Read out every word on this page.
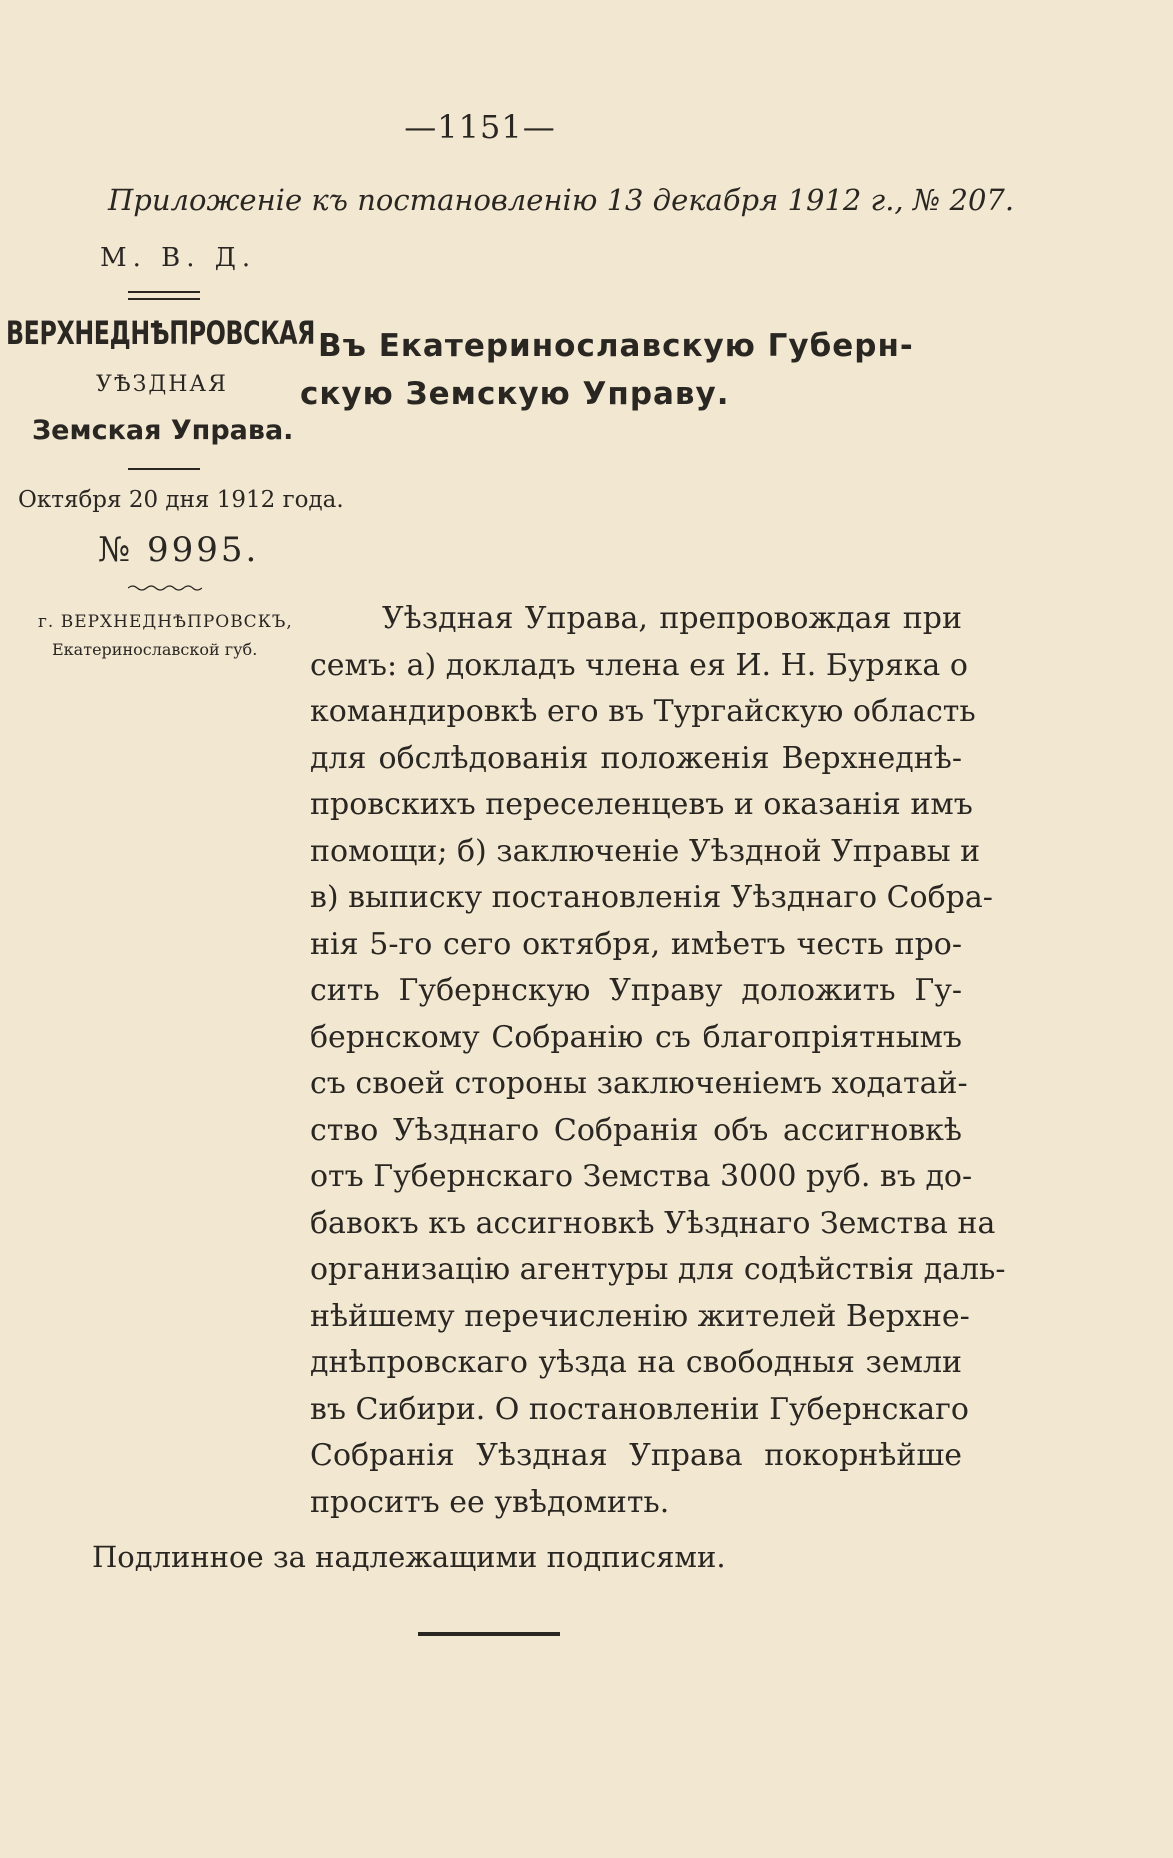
—1151—
Приложеніе къ постановленію 13 декабря 1912 г., № 207.
М. В. Д.
ВЕРХНЕДНѢПРОВСКАЯ
УѢЗДНАЯ
Земская Управа.
Октября 20 дня 1912 года.
№ 9995.
г. ВЕРХНЕДНѢПРОВСКЪ,
Екатеринославской губ.
Въ Екатеринославскую Губерн-
скую Земскую Управу.
Уѣздная Управа, препровождая при
семъ: а) докладъ члена ея И. Н. Буряка о
командировкѣ его въ Тургайскую область
для обслѣдованія положенія Верхнеднѣ-
провскихъ переселенцевъ и оказанія имъ
помощи; б) заключеніе Уѣздной Управы и
в) выписку постановленія Уѣзднаго Собра-
нія 5-го сего октября, имѣетъ честь про-
сить Губернскую Управу доложить Гу-
бернскому Собранію съ благопріятнымъ
съ своей стороны заключеніемъ ходатай-
ство Уѣзднаго Собранія объ ассигновкѣ
отъ Губернскаго Земства 3000 руб. въ до-
бавокъ къ ассигновкѣ Уѣзднаго Земства на
организацію агентуры для содѣйствія даль-
нѣйшему перечисленію жителей Верхне-
днѣпровскаго уѣзда на свободныя земли
въ Сибири. О постановленіи Губернскаго
Собранія Уѣздная Управа покорнѣйше
проситъ ее увѣдомить.
Подлинное за надлежащими подписями.
